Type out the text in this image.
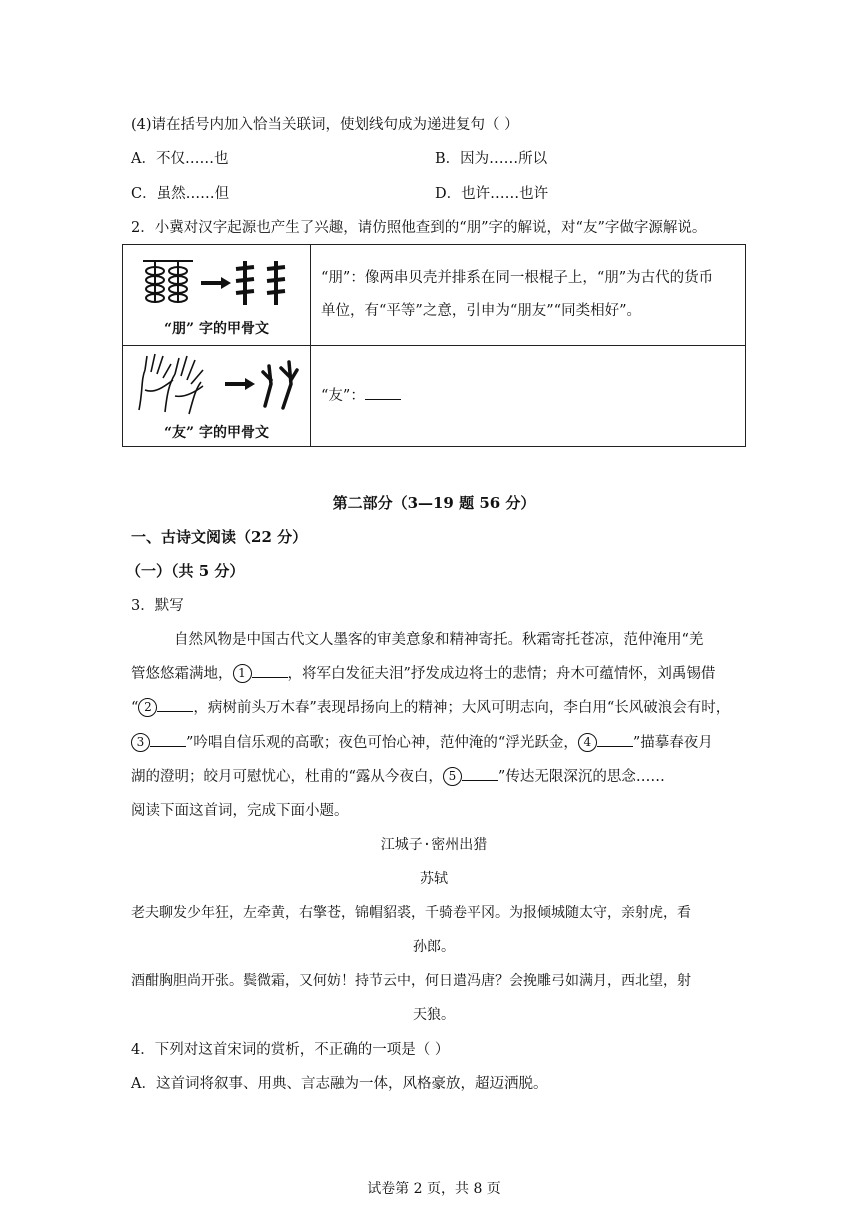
(4)请在括号内加入恰当关联词，使划线句成为递进复句（ ）
A．不仅……也	B．因为……所以
C．虽然……但	D．也许……也许
2．小冀对汉字起源也产生了兴趣，请仿照他查到的“朋”字的解说，对“友”字做字源解说。
“朋” 字的甲骨文	“朋”：像两串贝壳并排系在同一根棍子上，“朋”为古代的货币
单位，有“平等”之意，引申为“朋友”“同类相好”。

“友” 字的甲骨文	“友”：
第二部分（3—19 题 56 分）
一、古诗文阅读（22 分）
（一）（共 5 分）
3．默写
自然风物是中国古代文人墨客的审美意象和精神寄托。秋霜寄托苍凉，范仲淹用“羌
管悠悠霜满地， 1	，将军白发征夫泪”抒发成边将士的悲情；舟木可蕴情怀，刘禹锡借
“ 2	，病树前头万木春”表现昂扬向上的精神；大风可明志向，李白用“长风破浪会有时，
3	”吟唱自信乐观的高歌；夜色可怡心神，范仲淹的“浮光跃金， 4	”描摹春夜月
湖的澄明；皎月可慰忧心，杜甫的“露从今夜白， 5	”传达无限深沉的思念……
阅读下面这首词，完成下面小题。
江城子·密州出猎
苏轼
老夫聊发少年狂，左牵黄，右擎苍，锦帽貂裘，千骑卷平冈。为报倾城随太守，亲射虎，看
孙郎。
酒酣胸胆尚开张。鬓微霜，又何妨！持节云中，何日遣冯唐？会挽雕弓如满月，西北望，射
天狼。
4．下列对这首宋词的赏析，不正确的一项是（ ）
A．这首词将叙事、用典、言志融为一体，风格豪放，超迈洒脱。
试卷第 2 页，共 8 页
